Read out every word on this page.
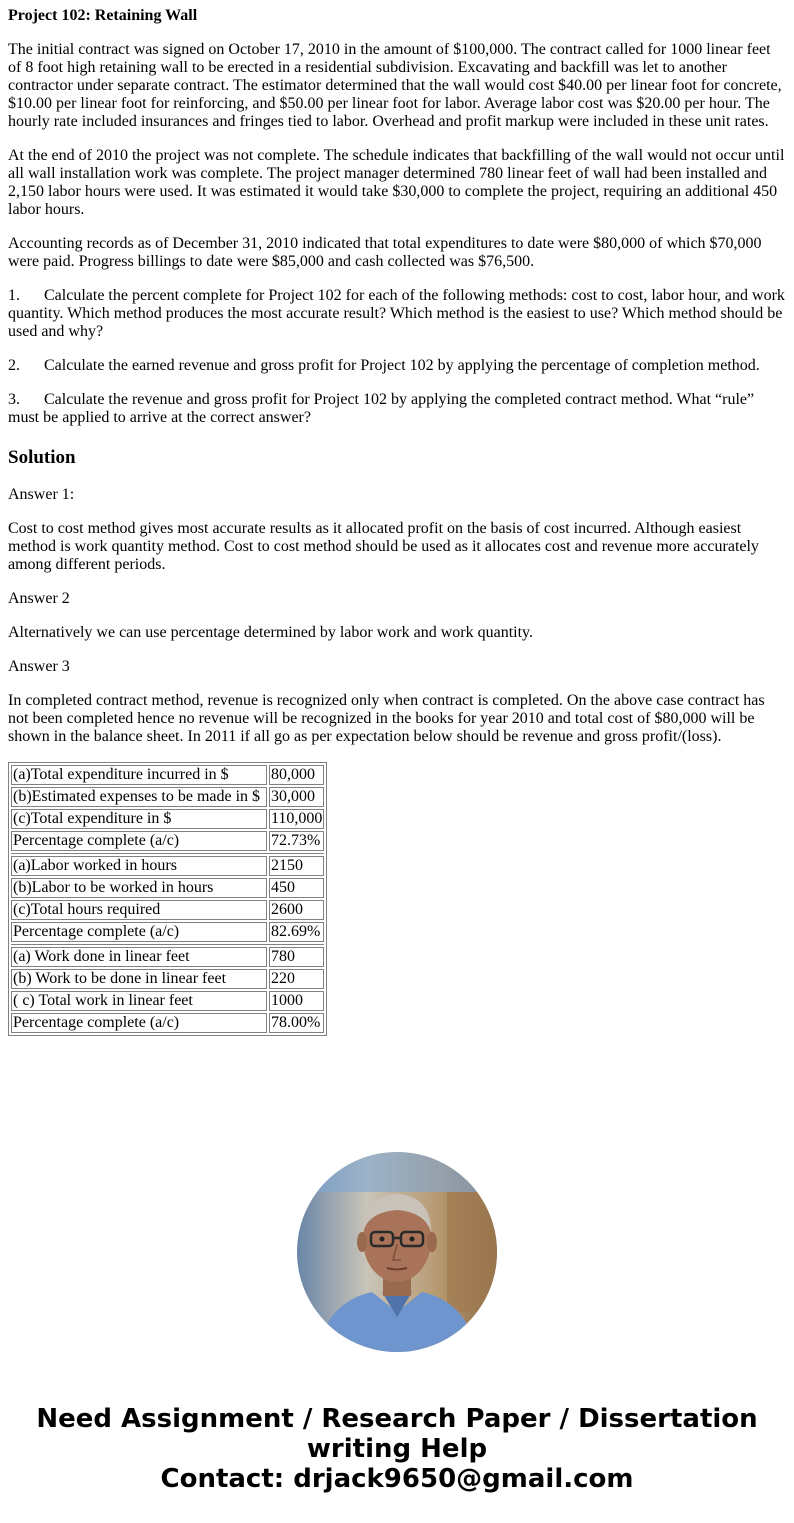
Project 102: Retaining Wall

The initial contract was signed on October 17, 2010 in the amount of $100,000. The contract called for 1000 linear feet of 8 foot high retaining wall to be erected in a residential subdivision. Excavating and backfill was let to another contractor under separate contract. The estimator determined that the wall would cost $40.00 per linear foot for concrete, $10.00 per linear foot for reinforcing, and $50.00 per linear foot for labor. Average labor cost was $20.00 per hour. The hourly rate included insurances and fringes tied to labor. Overhead and profit markup were included in these unit rates.

At the end of 2010 the project was not complete. The schedule indicates that backfilling of the wall would not occur until all wall installation work was complete. The project manager determined 780 linear feet of wall had been installed and 2,150 labor hours were used. It was estimated it would take $30,000 to complete the project, requiring an additional 450 labor hours.

Accounting records as of December 31, 2010 indicated that total expenditures to date were $80,000 of which $70,000 were paid. Progress billings to date were $85,000 and cash collected was $76,500.

1. Calculate the percent complete for Project 102 for each of the following methods: cost to cost, labor hour, and work quantity. Which method produces the most accurate result? Which method is the easiest to use? Which method should be used and why?
2. Calculate the earned revenue and gross profit for Project 102 by applying the percentage of completion method.
3. Calculate the revenue and gross profit for Project 102 by applying the completed contract method. What “rule” must be applied to arrive at the correct answer?
Solution

Answer 1:

Cost to cost method gives most accurate results as it allocated profit on the basis of cost incurred. Although easiest method is work quantity method. Cost to cost method should be used as it allocates cost and revenue more accurately among different periods.

Answer 2

Alternatively we can use percentage determined by labor work and work quantity.

Answer 3

In completed contract method, revenue is recognized only when contract is completed. On the above case contract has not been completed hence no revenue will be recognized in the books for year 2010 and total cost of $80,000 will be shown in the balance sheet. In 2011 if all go as per expectation below should be revenue and gross profit/(loss).

(a)Total expenditure incurred in $	80,000
(b)Estimated expenses to be made in $	30,000
(c)Total expenditure in $	110,000
Percentage complete (a/c)	72.73%

(a)Labor worked in hours	2150
(b)Labor to be worked in hours	450
(c)Total hours required	2600
Percentage complete (a/c)	82.69%

(a) Work done in linear feet	780
(b) Work to be done in linear feet	220
( c) Total work in linear feet	1000
Percentage complete (a/c)	78.00%
Need Assignment / Research Paper / Dissertation
writing Help
Contact: drjack9650@gmail.com
